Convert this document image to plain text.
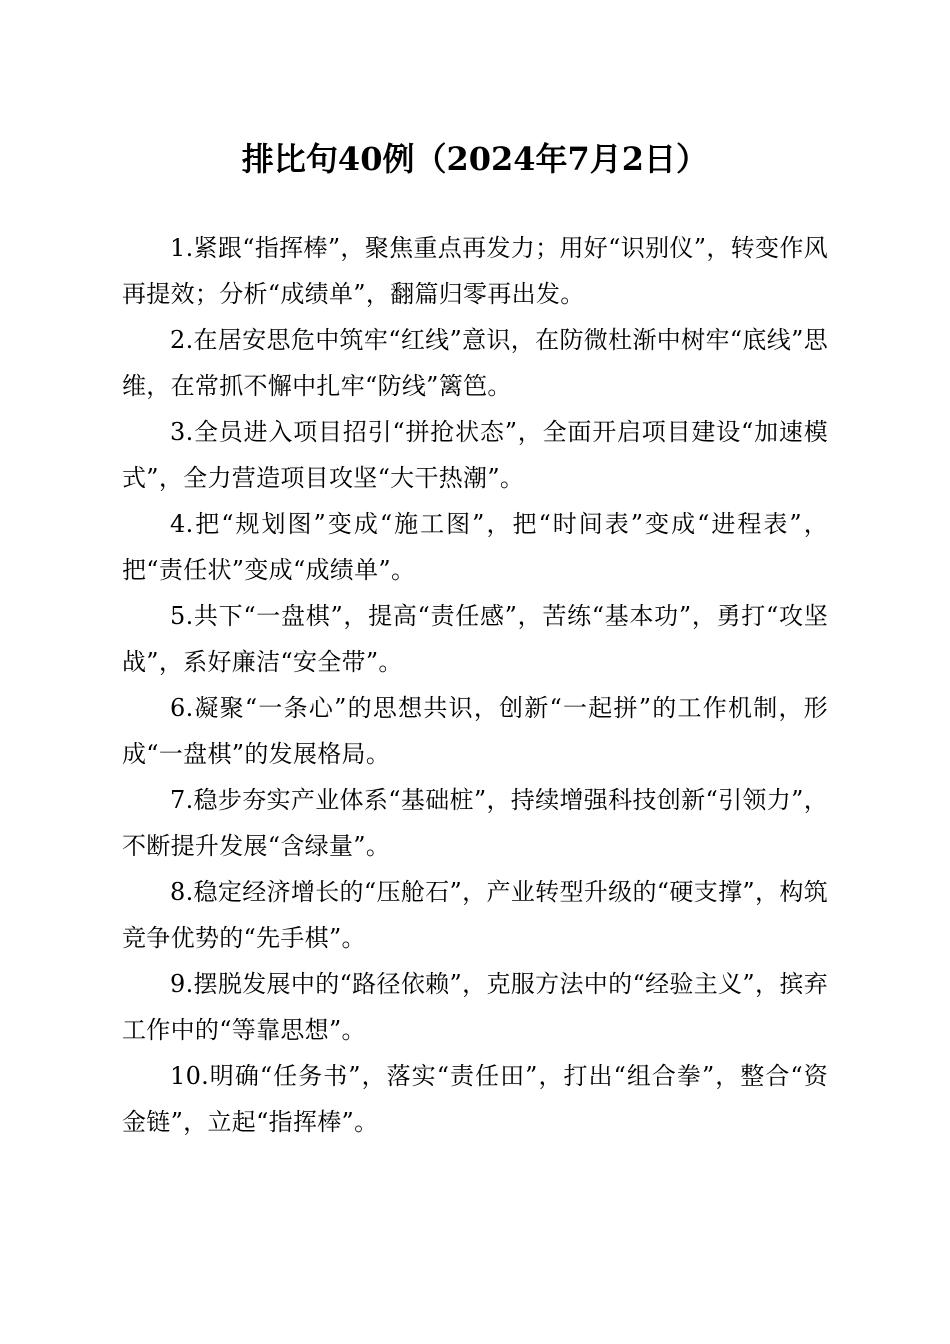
排比句40例（2024年7月2日）

1.紧跟“指挥棒”，聚焦重点再发力；用好“识别仪”，转变作风再提效；分析“成绩单”，翻篇归零再出发。

2.在居安思危中筑牢“红线”意识，在防微杜渐中树牢“底线”思维，在常抓不懈中扎牢“防线”篱笆。

3.全员进入项目招引“拼抢状态”，全面开启项目建设“加速模式”，全力营造项目攻坚“大干热潮”。

4.把“规划图”变成“施工图”，把“时间表”变成“进程表”，把“责任状”变成“成绩单”。

5.共下“一盘棋”，提高“责任感”，苦练“基本功”，勇打“攻坚战”，系好廉洁“安全带”。

6.凝聚“一条心”的思想共识，创新“一起拼”的工作机制，形成“一盘棋”的发展格局。

7.稳步夯实产业体系“基础桩”，持续增强科技创新“引领力”，不断提升发展“含绿量”。

8.稳定经济增长的“压舱石”，产业转型升级的“硬支撑”，构筑竞争优势的“先手棋”。

9.摆脱发展中的“路径依赖”，克服方法中的“经验主义”，摈弃工作中的“等靠思想”。

10.明确“任务书”，落实“责任田”，打出“组合拳”，整合“资金链”，立起“指挥棒”。
